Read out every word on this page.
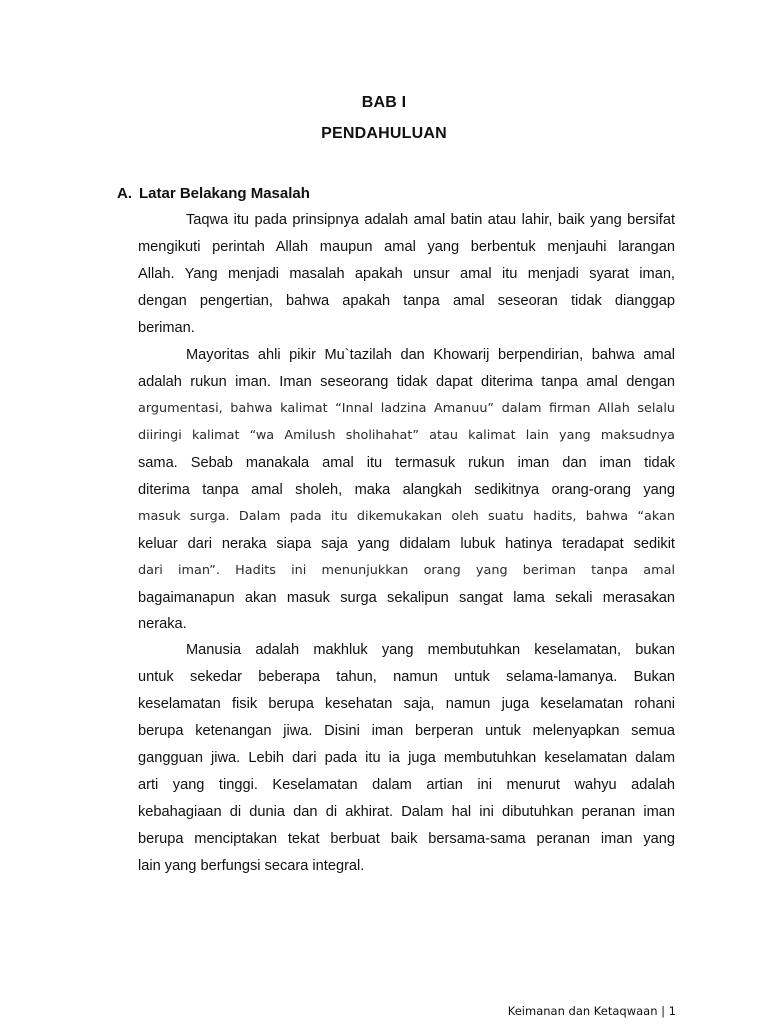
BAB I
PENDAHULUAN
A. Latar Belakang Masalah
Taqwa itu pada prinsipnya adalah amal batin atau lahir, baik yang bersifat
mengikuti perintah Allah maupun amal yang berbentuk menjauhi larangan
Allah. Yang menjadi masalah apakah unsur amal itu menjadi syarat iman,
dengan pengertian, bahwa apakah tanpa amal seseoran tidak dianggap
beriman.
Mayoritas ahli pikir Mu`tazilah dan Khowarij berpendirian, bahwa amal
adalah rukun iman. Iman seseorang tidak dapat diterima tanpa amal dengan
argumentasi, bahwa kalimat “Innal ladzina Amanuu” dalam firman Allah selalu
diiringi kalimat “wa Amilush sholihahat” atau kalimat lain yang maksudnya
sama. Sebab manakala amal itu termasuk rukun iman dan iman tidak
diterima tanpa amal sholeh, maka alangkah sedikitnya orang-orang yang
masuk surga. Dalam pada itu dikemukakan oleh suatu hadits, bahwa “akan
keluar dari neraka siapa saja yang didalam lubuk hatinya teradapat sedikit
dari iman”. Hadits ini menunjukkan orang yang beriman tanpa amal
bagaimanapun akan masuk surga sekalipun sangat lama sekali merasakan
neraka.
Manusia adalah makhluk yang membutuhkan keselamatan, bukan
untuk sekedar beberapa tahun, namun untuk selama-lamanya. Bukan
keselamatan fisik berupa kesehatan saja, namun juga keselamatan rohani
berupa ketenangan jiwa. Disini iman berperan untuk melenyapkan semua
gangguan jiwa. Lebih dari pada itu ia juga membutuhkan keselamatan dalam
arti yang tinggi. Keselamatan dalam artian ini menurut wahyu adalah
kebahagiaan di dunia dan di akhirat. Dalam hal ini dibutuhkan peranan iman
berupa menciptakan tekat berbuat baik bersama-sama peranan iman yang
lain yang berfungsi secara integral.
Keimanan dan Ketaqwaan | 1
